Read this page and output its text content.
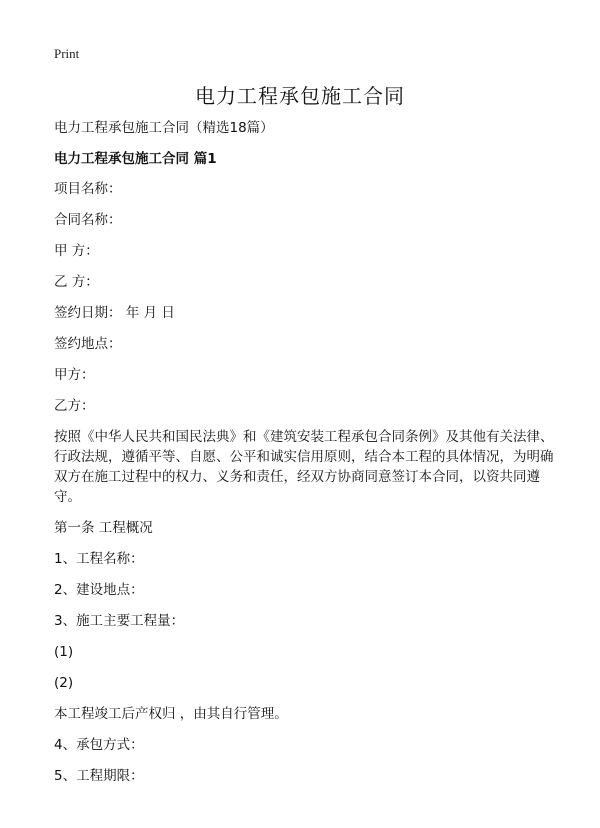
Print
电力工程承包施工合同
电力工程承包施工合同（精选18篇）
电力工程承包施工合同 篇1
项目名称：
合同名称：
甲 方：
乙 方：
签约日期： 年 月 日
签约地点：
甲方：
乙方：
按照《中华人民共和国民法典》和《建筑安装工程承包合同条例》及其他有关法律、行政法规，遵循平等、自愿、公平和诚实信用原则，结合本工程的具体情况，为明确双方在施工过程中的权力、义务和责任，经双方协商同意签订本合同，以资共同遵守。
第一条 工程概况
1、工程名称：
2、建设地点：
3、施工主要工程量：
(1)
(2)
本工程竣工后产权归 ，由其自行管理。
4、承包方式：
5、工程期限：
